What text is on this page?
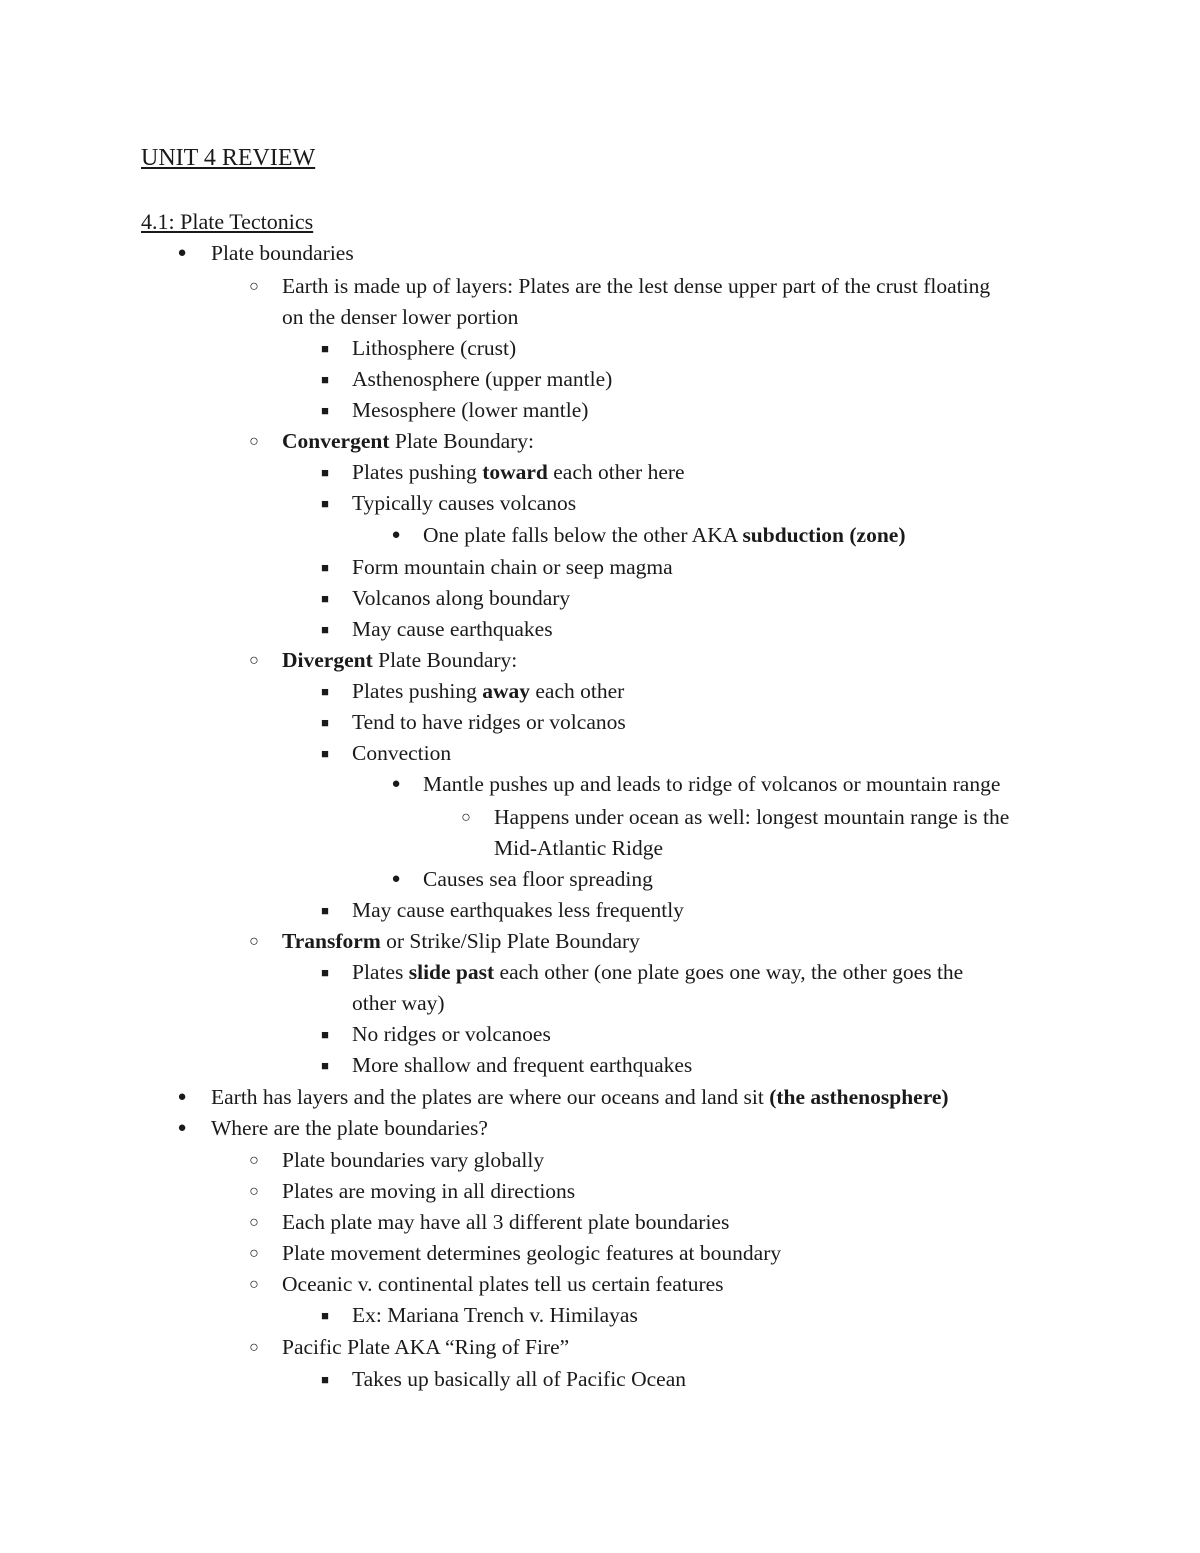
UNIT 4 REVIEW
4.1: Plate Tectonics
● Plate boundaries
○ Earth is made up of layers: Plates are the lest dense upper part of the crust floating
on the denser lower portion
■ Lithosphere (crust)
■ Asthenosphere (upper mantle)
■ Mesosphere (lower mantle)
○ Convergent Plate Boundary:
■ Plates pushing toward each other here
■ Typically causes volcanos
● One plate falls below the other AKA subduction (zone)
■ Form mountain chain or seep magma
■ Volcanos along boundary
■ May cause earthquakes
○ Divergent Plate Boundary:
■ Plates pushing away each other
■ Tend to have ridges or volcanos
■ Convection
● Mantle pushes up and leads to ridge of volcanos or mountain range
○ Happens under ocean as well: longest mountain range is the
Mid-Atlantic Ridge
● Causes sea floor spreading
■ May cause earthquakes less frequently
○ Transform or Strike/Slip Plate Boundary
■ Plates slide past each other (one plate goes one way, the other goes the
other way)
■ No ridges or volcanoes
■ More shallow and frequent earthquakes
● Earth has layers and the plates are where our oceans and land sit (the asthenosphere)
● Where are the plate boundaries?
○ Plate boundaries vary globally
○ Plates are moving in all directions
○ Each plate may have all 3 different plate boundaries
○ Plate movement determines geologic features at boundary
○ Oceanic v. continental plates tell us certain features
■ Ex: Mariana Trench v. Himilayas
○ Pacific Plate AKA “Ring of Fire”
■ Takes up basically all of Pacific Ocean
